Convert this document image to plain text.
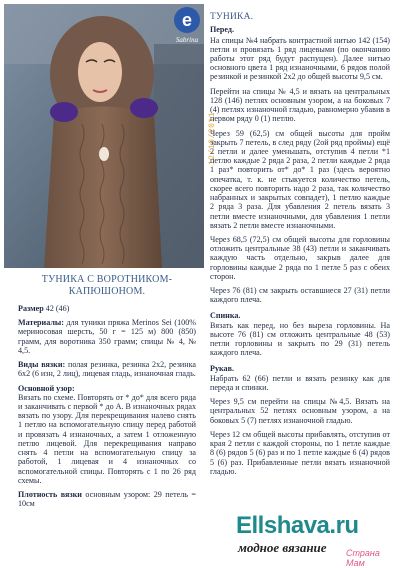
e
Sabrina
12/10/2011
ТУНИКА С ВОРОТНИКОМ-КАПЮШОНОМ.

Размер 42 (46)

Материалы: для туники пряжа Merinos Sei (100% мериносовая шерсть, 50 г = 125 м) 800 (850) грамм, для воротника 350 грамм; спицы № 4, № 4,5.

Виды вязки: полая резинка, резинка 2х2, резинка 6х2 (6 изн, 2 лиц), лицевая гладь, изнаночная гладь.

Основной узор:
Вязать по схеме. Повторять от * до* для всего ряда и заканчивать с первой * до А. В изнаночных рядах вязать по узору. Для перекрещивания налево снять 1 петлю на вспомогательную спицу перед работой и провязать 4 изнаночных, а затем 1 отложенную петлю лицевой. Для перекрещивания направо снять 4 петли на вспомогательную спицу за работой, 1 лицевая и 4 изнаночных со вспомогательной спицы. Повторять с 1 по 26 ряд схемы.

Плотность вязки основным узором: 29 петель = 10см

ТУНИКА.
Перед.

На спицы №4 набрать контрастной нитью 142 (154) петли и провязать 1 ряд лицевыми (по окончанию работы этот ряд будут распущен). Далее нитью основного цвета 1 ряд изнаночными, 6 рядов полой резинкой и резинкой 2х2 до общей высоты 9,5 см.

Перейти на спицы № 4,5 и вязать на центральных 128 (146) петлях основным узором, а на боковых 7 (4) петлях изнаночной гладью, равномерно убавив в первом ряду 0 (1) петлю.

Через 59 (62,5) см общей высоты для пройм закрыть 7 петель, в след ряду (2ой ряд проймы) ещё 2 петли и далее уменьшать, отступив 4 петли *1 петлю каждые 2 ряда 2 раза, 2 петли каждые 2 ряда 1 раз* повторить от* до* 1 раз (здесь вероятно опечатка, т. к. не стыкуется количество петель, скорее всего повторить надо 2 раза, так количество набранных и закрытых совпадет), 1 петлю каждые 2 ряда 3 раза. Для убавления 2 петель вязать 3 петли вместе изнаночными, для убавления 1 петли вязать 2 петли вместе изнаночными.

Через 68,5 (72,5) см общей высоты для горловины отложить центральные 38 (43) петли и заканчивать каждую часть отдельно, закрыв далее для горловины каждые 2 ряда по 1 петле 5 раз с обеих сторон.

Через 76 (81) см закрыть оставшиеся 27 (31) петли каждого плеча.

Спинка.

Вязать как перед, но без выреза горловины. На высоте 76 (81) см отложить центральные 48 (53) петли горловины и закрыть по 29 (31) петель каждого плеча.

Рукав.

Набрать 62 (66) петли и вязать резинку как для переда и спинки.

Через 9,5 см перейти на спицы №4,5. Вязать на центральных 52 петлях основным узором, а на боковых 5 (7) петлях изнаночной гладью.

Через 12 см общей высоты прибавлять, отступив от края 2 петли с каждой стороны, по 1 петле каждые 8 (6) рядов 5 (6) раз и по 1 петле каждые 6 (4) рядов 5 (6) раз. Прибавленные петли вязать изнаночной гладью.

Ellshava.ru
модное вязание Страна Мам
